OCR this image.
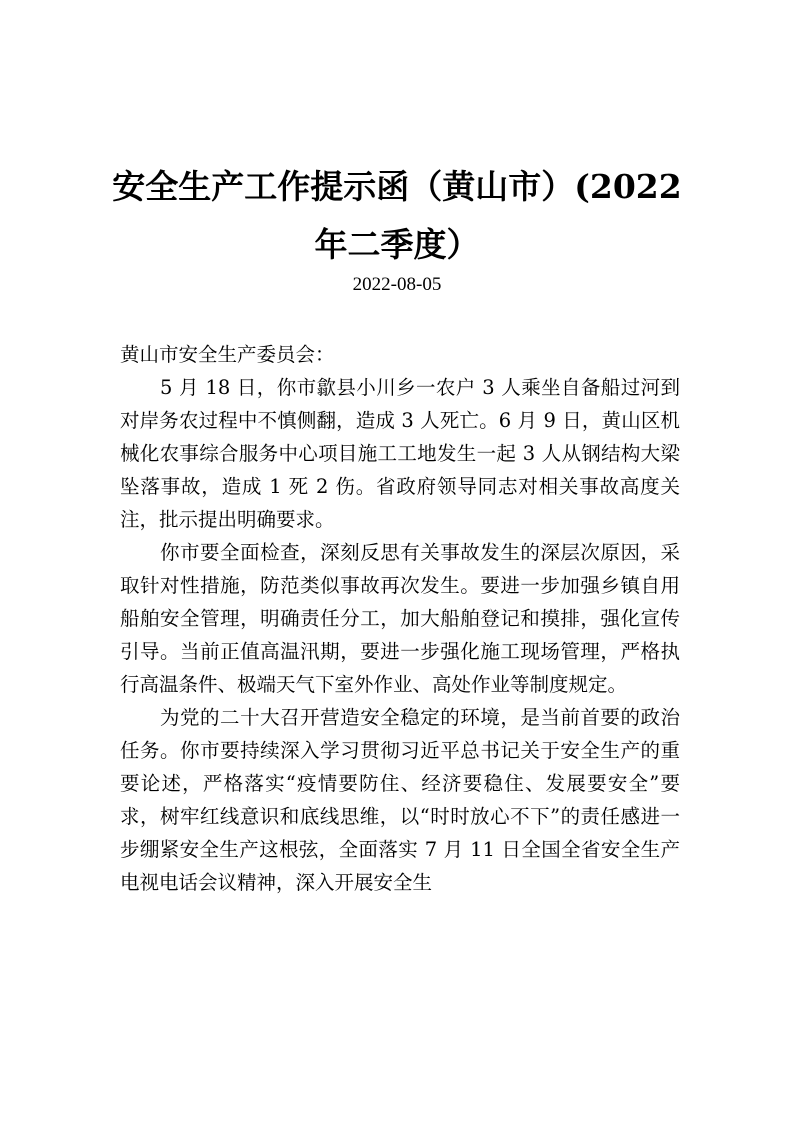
安全生产工作提示函（黄山市）(2022 年二季度）
2022-08-05

黄山市安全生产委员会：

5 月 18 日，你市歙县小川乡一农户 3 人乘坐自备船过河到对岸务农过程中不慎侧翻，造成 3 人死亡。6 月 9 日，黄山区机械化农事综合服务中心项目施工工地发生一起 3 人从钢结构大梁坠落事故，造成 1 死 2 伤。省政府领导同志对相关事故高度关注，批示提出明确要求。

你市要全面检查，深刻反思有关事故发生的深层次原因，采取针对性措施，防范类似事故再次发生。要进一步加强乡镇自用船舶安全管理，明确责任分工，加大船舶登记和摸排，强化宣传引导。当前正值高温汛期，要进一步强化施工现场管理，严格执行高温条件、极端天气下室外作业、高处作业等制度规定。

为党的二十大召开营造安全稳定的环境，是当前首要的政治任务。你市要持续深入学习贯彻习近平总书记关于安全生产的重要论述，严格落实“疫情要防住、经济要稳住、发展要安全”要求，树牢红线意识和底线思维，以“时时放心不下”的责任感进一步绷紧安全生产这根弦，全面落实 7 月 11 日全国全省安全生产电视电话会议精神，深入开展安全生
